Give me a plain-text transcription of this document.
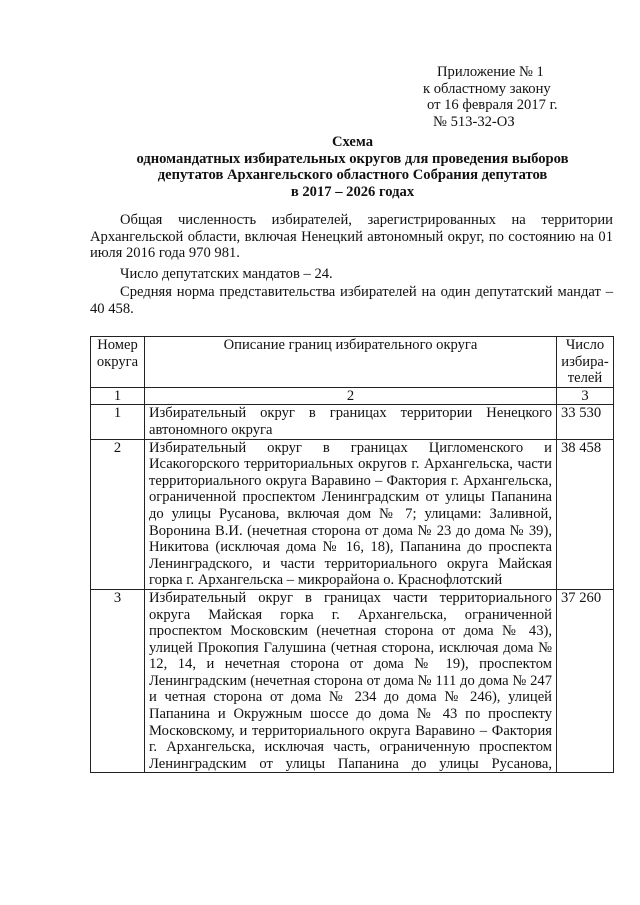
Приложение № 1
к областному закону
от 16 февраля 2017 г.
№ 513-32-ОЗ
Схема
одномандатных избирательных округов для проведения выборов
депутатов Архангельского областного Собрания депутатов
в 2017 – 2026 годах
Общая численность избирателей, зарегистрированных на территории Архангельской области, включая Ненецкий автономный округ, по состоянию на 01 июля 2016 года 970 981.
Число депутатских мандатов – 24.
Средняя норма представительства избирателей на один депутатский мандат – 40 458.
Номер округа	Описание границ избирательного округа	Число избира-телей
1	2	3
1	Избирательный округ в границах территории Ненецкого автономного округа	33 530
2	Избирательный округ в границах Цигломенского и Исакогорского территориальных округов г. Архангельска, части территориального округа Варавино – Фактория г. Архангельска, ограниченной проспектом Ленинградским от улицы Папанина до улицы Русанова, включая дом № 7; улицами: Заливной, Воронина В.И. (нечетная сторона от дома № 23 до дома № 39), Никитова (исключая дома № 16, 18), Папанина до проспекта Ленинградского, и части территориального округа Майская горка г. Архангельска – микрорайона о. Краснофлотский	38 458
3	Избирательный округ в границах части территориального округа Майская горка г. Архангельска, ограниченной проспектом Московским (нечетная сторона от дома № 43), улицей Прокопия Галушина (четная сторона, исключая дома № 12, 14, и нечетная сторона от дома № 19), проспектом Ленинградским (нечетная сторона от дома № 111 до дома № 247 и четная сторона от дома № 234 до дома № 246), улицей Папанина и Окружным шоссе до дома № 43 по проспекту Московскому, и территориального округа Варавино – Фактория г. Архангельска, исключая часть, ограниченную проспектом Ленинградским от улицы Папанина до улицы Русанова,	37 260
